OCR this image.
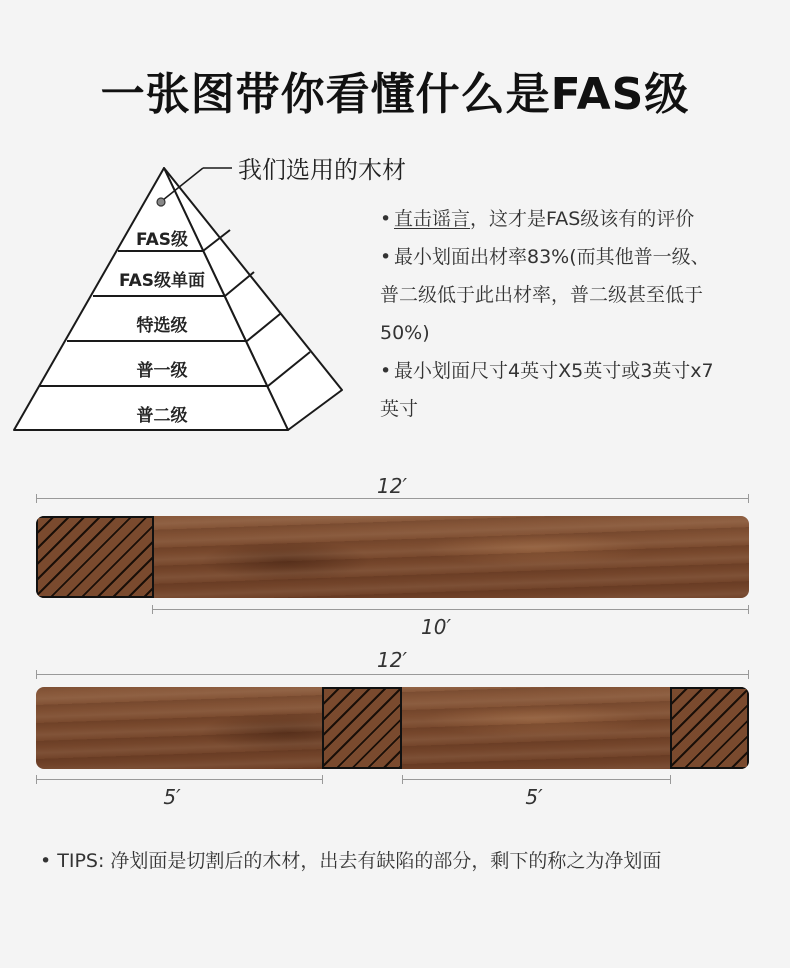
一张图带你看懂什么是FAS级
FAS级
FAS级单面
特选级
普一级
普二级
我们选用的木材
• 直击谣言，这才是FAS级该有的评价
• 最小划面出材率83%(而其他普一级、
普二级低于此出材率，普二级甚至低于
50%)
• 最小划面尺寸4英寸X5英寸或3英寸x7
英寸
12′
10′
12′
5′	5′
• TIPS: 净划面是切割后的木材，出去有缺陷的部分，剩下的称之为净划面
